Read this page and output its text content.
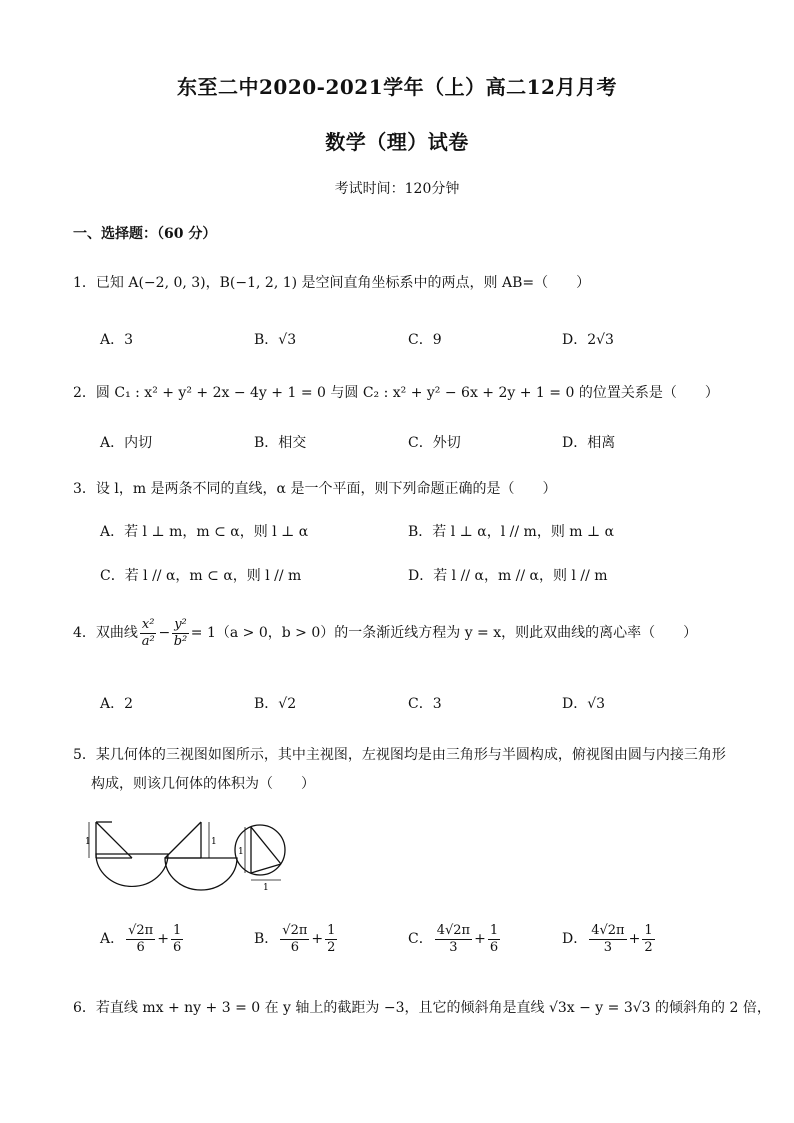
东至二中2020-2021学年（上）高二12月月考
数学（理）试卷
考试时间：120分钟
一、选择题：（60 分）
1．已知 A(−2, 0, 3)，B(−1, 2, 1) 是空间直角坐标系中的两点，则 AB=（　　）
A．3	B．√3	C．9	D．2√3
2．圆 C₁ : x² + y² + 2x − 4y + 1 = 0 与圆 C₂ : x² + y² − 6x + 2y + 1 = 0 的位置关系是（　　）
A．内切	B．相交	C．外切	D．相离
3．设 l，m 是两条不同的直线，α 是一个平面，则下列命题正确的是（　　）
A．若 l ⊥ m，m ⊂ α，则 l ⊥ α	B．若 l ⊥ α，l // m，则 m ⊥ α
C．若 l // α，m ⊂ α，则 l // m	D．若 l // α，m // α，则 l // m
4．双曲线 $\frac{\text{x²}}{\text{a²}} - \frac{\text{y²}}{\text{b²}} = 1(a > 0$，b > 0）的一条渐近线方程为 y = x，则此双曲线的离心率（　　）
A．2	B．√2	C．3	D．√3
5．某几何体的三视图如图所示，其中主视图，左视图均是由三角形与半圆构成，俯视图由圆与内接三角形
构成，则该几何体的体积为（　　）
1	1
1
1
A． $\frac{√2\pi}{6} + \frac{1}{6}$	B． $\frac{√2\pi}{6} + \frac{1}{2}$	C． $\frac{4√2\pi}{3} + \frac{1}{6}$	D． $\frac{4√2\pi}{3} + \frac{1}{2}$
6．若直线 mx + ny + 3 = 0 在 y 轴上的截距为 −3，且它的倾斜角是直线 √3x − y = 3√3 的倾斜角的 2 倍，
